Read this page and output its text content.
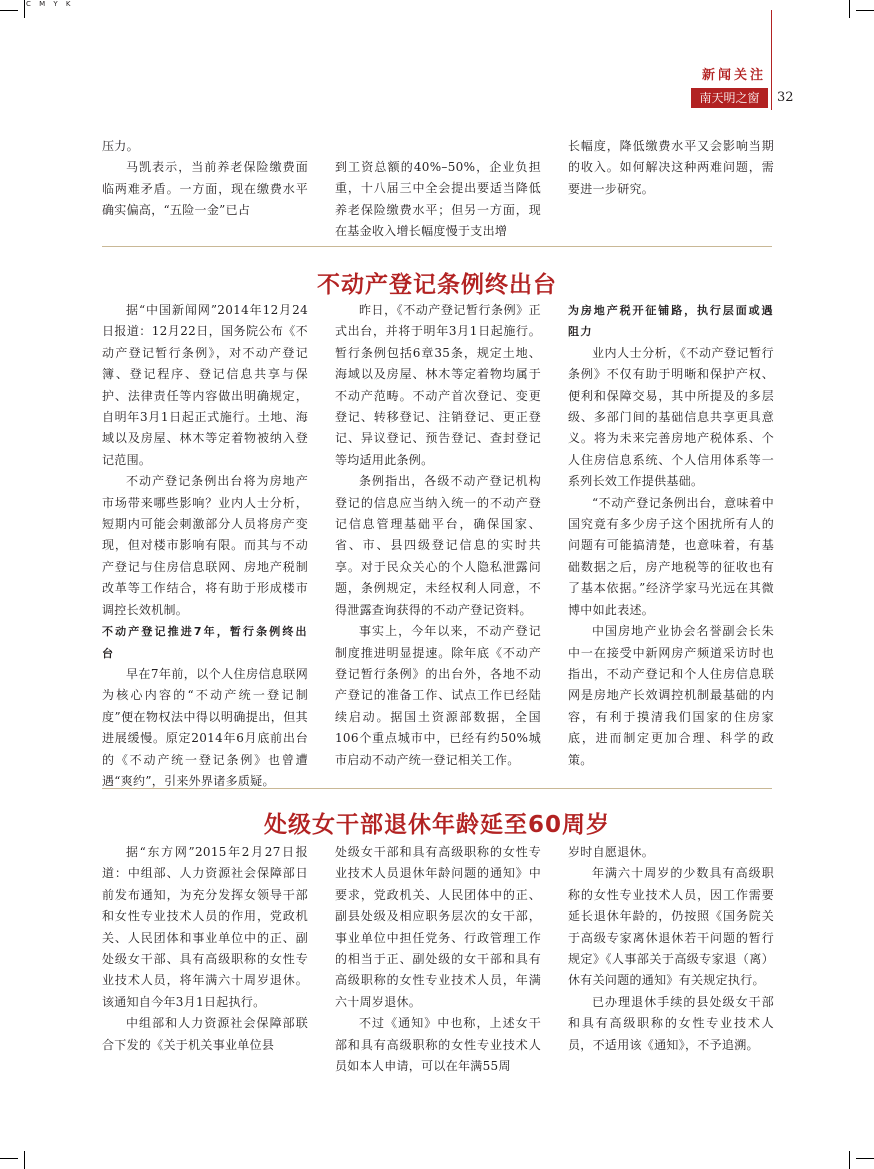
C M Y K
新闻关注
南天明之窗	32

压力。

马凯表示，当前养老保险缴费面临两难矛盾。一方面，现在缴费水平确实偏高，“五险一金”已占

到工资总额的40%–50%，企业负担重，十八届三中全会提出要适当降低养老保险缴费水平；但另一方面，现在基金收入增长幅度慢于支出增

长幅度，降低缴费水平又会影响当期的收入。如何解决这种两难问题，需要进一步研究。

不动产登记条例终出台

据“中国新闻网”2014年12月24日报道：12月22日，国务院公布《不动产登记暂行条例》，对不动产登记簿、登记程序、登记信息共享与保护、法律责任等内容做出明确规定，自明年3月1日起正式施行。土地、海域以及房屋、林木等定着物被纳入登记范围。

不动产登记条例出台将为房地产市场带来哪些影响？业内人士分析，短期内可能会刺激部分人员将房产变现，但对楼市影响有限。而其与不动产登记与住房信息联网、房地产税制改革等工作结合，将有助于形成楼市调控长效机制。

不动产登记推进7年，暂行条例终出台

早在7年前，以个人住房信息联网为核心内容的“不动产统一登记制度”便在物权法中得以明确提出，但其进展缓慢。原定2014年6月底前出台的《不动产统一登记条例》也曾遭遇“爽约”，引来外界诸多质疑。

昨日，《不动产登记暂行条例》正式出台，并将于明年3月1日起施行。暂行条例包括6章35条，规定土地、海域以及房屋、林木等定着物均属于不动产范畴。不动产首次登记、变更登记、转移登记、注销登记、更正登记、异议登记、预告登记、查封登记等均适用此条例。

条例指出，各级不动产登记机构登记的信息应当纳入统一的不动产登记信息管理基础平台，确保国家、省、市、县四级登记信息的实时共享。对于民众关心的个人隐私泄露问题，条例规定，未经权利人同意，不得泄露查询获得的不动产登记资料。

事实上，今年以来，不动产登记制度推进明显提速。除年底《不动产登记暂行条例》的出台外，各地不动产登记的准备工作、试点工作已经陆续启动。据国土资源部数据，全国106个重点城市中，已经有约50%城市启动不动产统一登记相关工作。

为房地产税开征铺路，执行层面或遇阻力

业内人士分析，《不动产登记暂行条例》不仅有助于明晰和保护产权、便利和保障交易，其中所提及的多层级、多部门间的基础信息共享更具意义。将为未来完善房地产税体系、个人住房信息系统、个人信用体系等一系列长效工作提供基础。

“不动产登记条例出台，意味着中国究竟有多少房子这个困扰所有人的问题有可能搞清楚，也意味着，有基础数据之后，房产地税等的征收也有了基本依据。”经济学家马光远在其微博中如此表述。

中国房地产业协会名誉副会长朱中一在接受中新网房产频道采访时也指出，不动产登记和个人住房信息联网是房地产长效调控机制最基础的内容，有利于摸清我们国家的住房家底，进而制定更加合理、科学的政策。

处级女干部退休年龄延至60周岁

据“东方网”2015年2月27日报道：中组部、人力资源社会保障部日前发布通知，为充分发挥女领导干部和女性专业技术人员的作用，党政机关、人民团体和事业单位中的正、副处级女干部、具有高级职称的女性专业技术人员，将年满六十周岁退休。该通知自今年3月1日起执行。

中组部和人力资源社会保障部联合下发的《关于机关事业单位县

处级女干部和具有高级职称的女性专业技术人员退休年龄问题的通知》中要求，党政机关、人民团体中的正、副县处级及相应职务层次的女干部，事业单位中担任党务、行政管理工作的相当于正、副处级的女干部和具有高级职称的女性专业技术人员，年满六十周岁退休。

不过《通知》中也称，上述女干部和具有高级职称的女性专业技术人员如本人申请，可以在年满55周

岁时自愿退休。

年满六十周岁的少数具有高级职称的女性专业技术人员，因工作需要延长退休年龄的，仍按照《国务院关于高级专家离休退休若干问题的暂行规定》《人事部关于高级专家退（离）休有关问题的通知》有关规定执行。

已办理退休手续的县处级女干部和具有高级职称的女性专业技术人员，不适用该《通知》，不予追溯。
